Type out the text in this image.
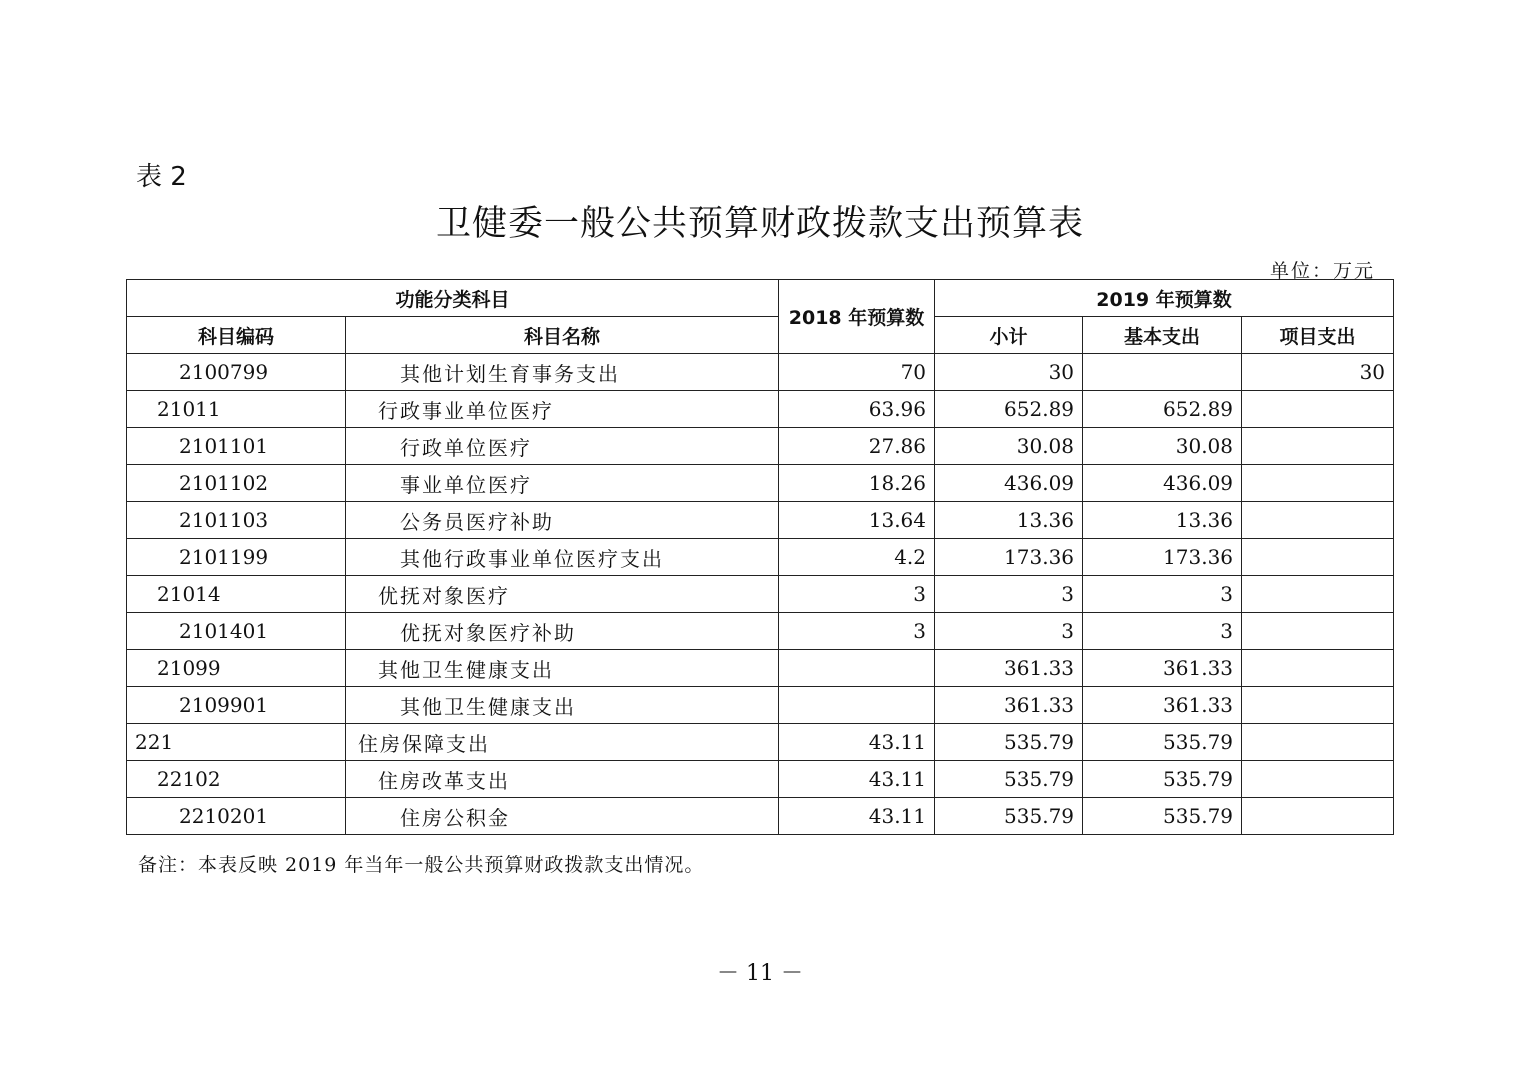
表 2
卫健委一般公共预算财政拨款支出预算表
单位：万元
功能分类科目		2018 年预算数	2019 年预算数		
科目编码	科目名称		小计	基本支出	项目支出
2100799	其他计划生育事务支出	70	30		30
21011	行政事业单位医疗	63.96	652.89	652.89	
2101101	行政单位医疗	27.86	30.08	30.08	
2101102	事业单位医疗	18.26	436.09	436.09	
2101103	公务员医疗补助	13.64	13.36	13.36	
2101199	其他行政事业单位医疗支出	4.2	173.36	173.36	
21014	优抚对象医疗	3	3	3	
2101401	优抚对象医疗补助	3	3	3	
21099	其他卫生健康支出		361.33	361.33	
2109901	其他卫生健康支出		361.33	361.33	
221	住房保障支出	43.11	535.79	535.79	
22102	住房改革支出	43.11	535.79	535.79	
2210201	住房公积金	43.11	535.79	535.79	
备注：本表反映 2019 年当年一般公共预算财政拨款支出情况。
－ 11 －
